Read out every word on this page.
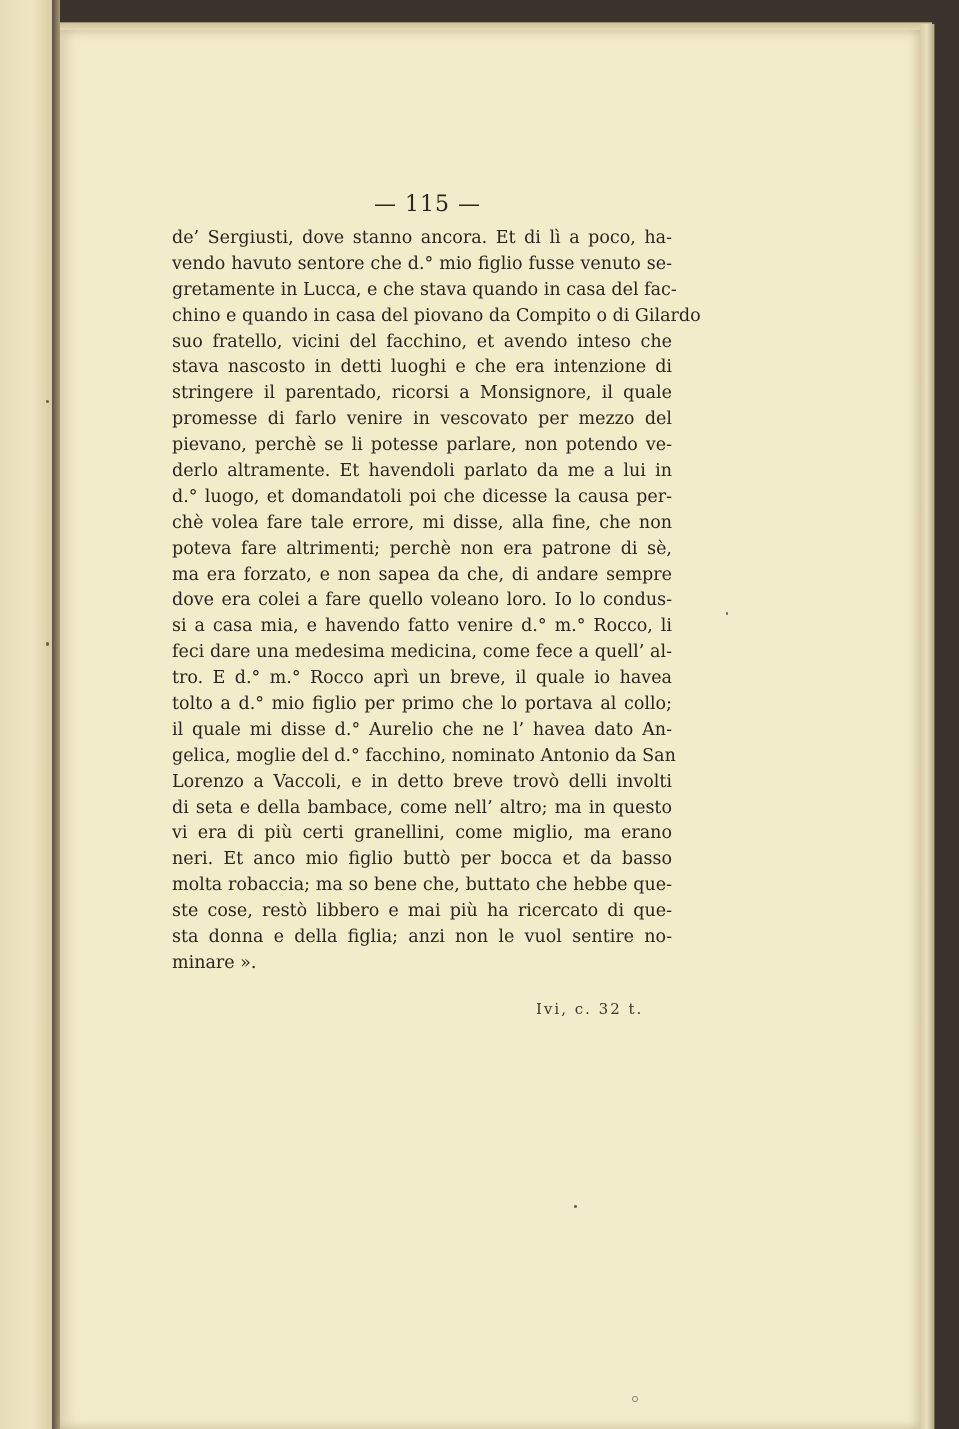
— 115 —
de’ Sergiusti, dove stanno ancora. Et di lì a poco, ha-
vendo havuto sentore che d.° mio figlio fusse venuto se-
gretamente in Lucca, e che stava quando in casa del fac-
chino e quando in casa del piovano da Compito o di Gilardo
suo fratello, vicini del facchino, et avendo inteso che
stava nascosto in detti luoghi e che era intenzione di
stringere il parentado, ricorsi a Monsignore, il quale
promesse di farlo venire in vescovato per mezzo del
pievano, perchè se li potesse parlare, non potendo ve-
derlo altramente. Et havendoli parlato da me a lui in
d.° luogo, et domandatoli poi che dicesse la causa per-
chè volea fare tale errore, mi disse, alla fine, che non
poteva fare altrimenti; perchè non era patrone di sè,
ma era forzato, e non sapea da che, di andare sempre
dove era colei a fare quello voleano loro. Io lo condus-
si a casa mia, e havendo fatto venire d.° m.° Rocco, li
feci dare una medesima medicina, come fece a quell’ al-
tro. E d.° m.° Rocco aprì un breve, il quale io havea
tolto a d.° mio figlio per primo che lo portava al collo;
il quale mi disse d.° Aurelio che ne l’ havea dato An-
gelica, moglie del d.° facchino, nominato Antonio da San
Lorenzo a Vaccoli, e in detto breve trovò delli involti
di seta e della bambace, come nell’ altro; ma in questo
vi era di più certi granellini, come miglio, ma erano
neri. Et anco mio figlio buttò per bocca et da basso
molta robaccia; ma so bene che, buttato che hebbe que-
ste cose, restò libbero e mai più ha ricercato di que-
sta donna e della figlia; anzi non le vuol sentire no-
minare ».
Ivi, c. 32 t.
